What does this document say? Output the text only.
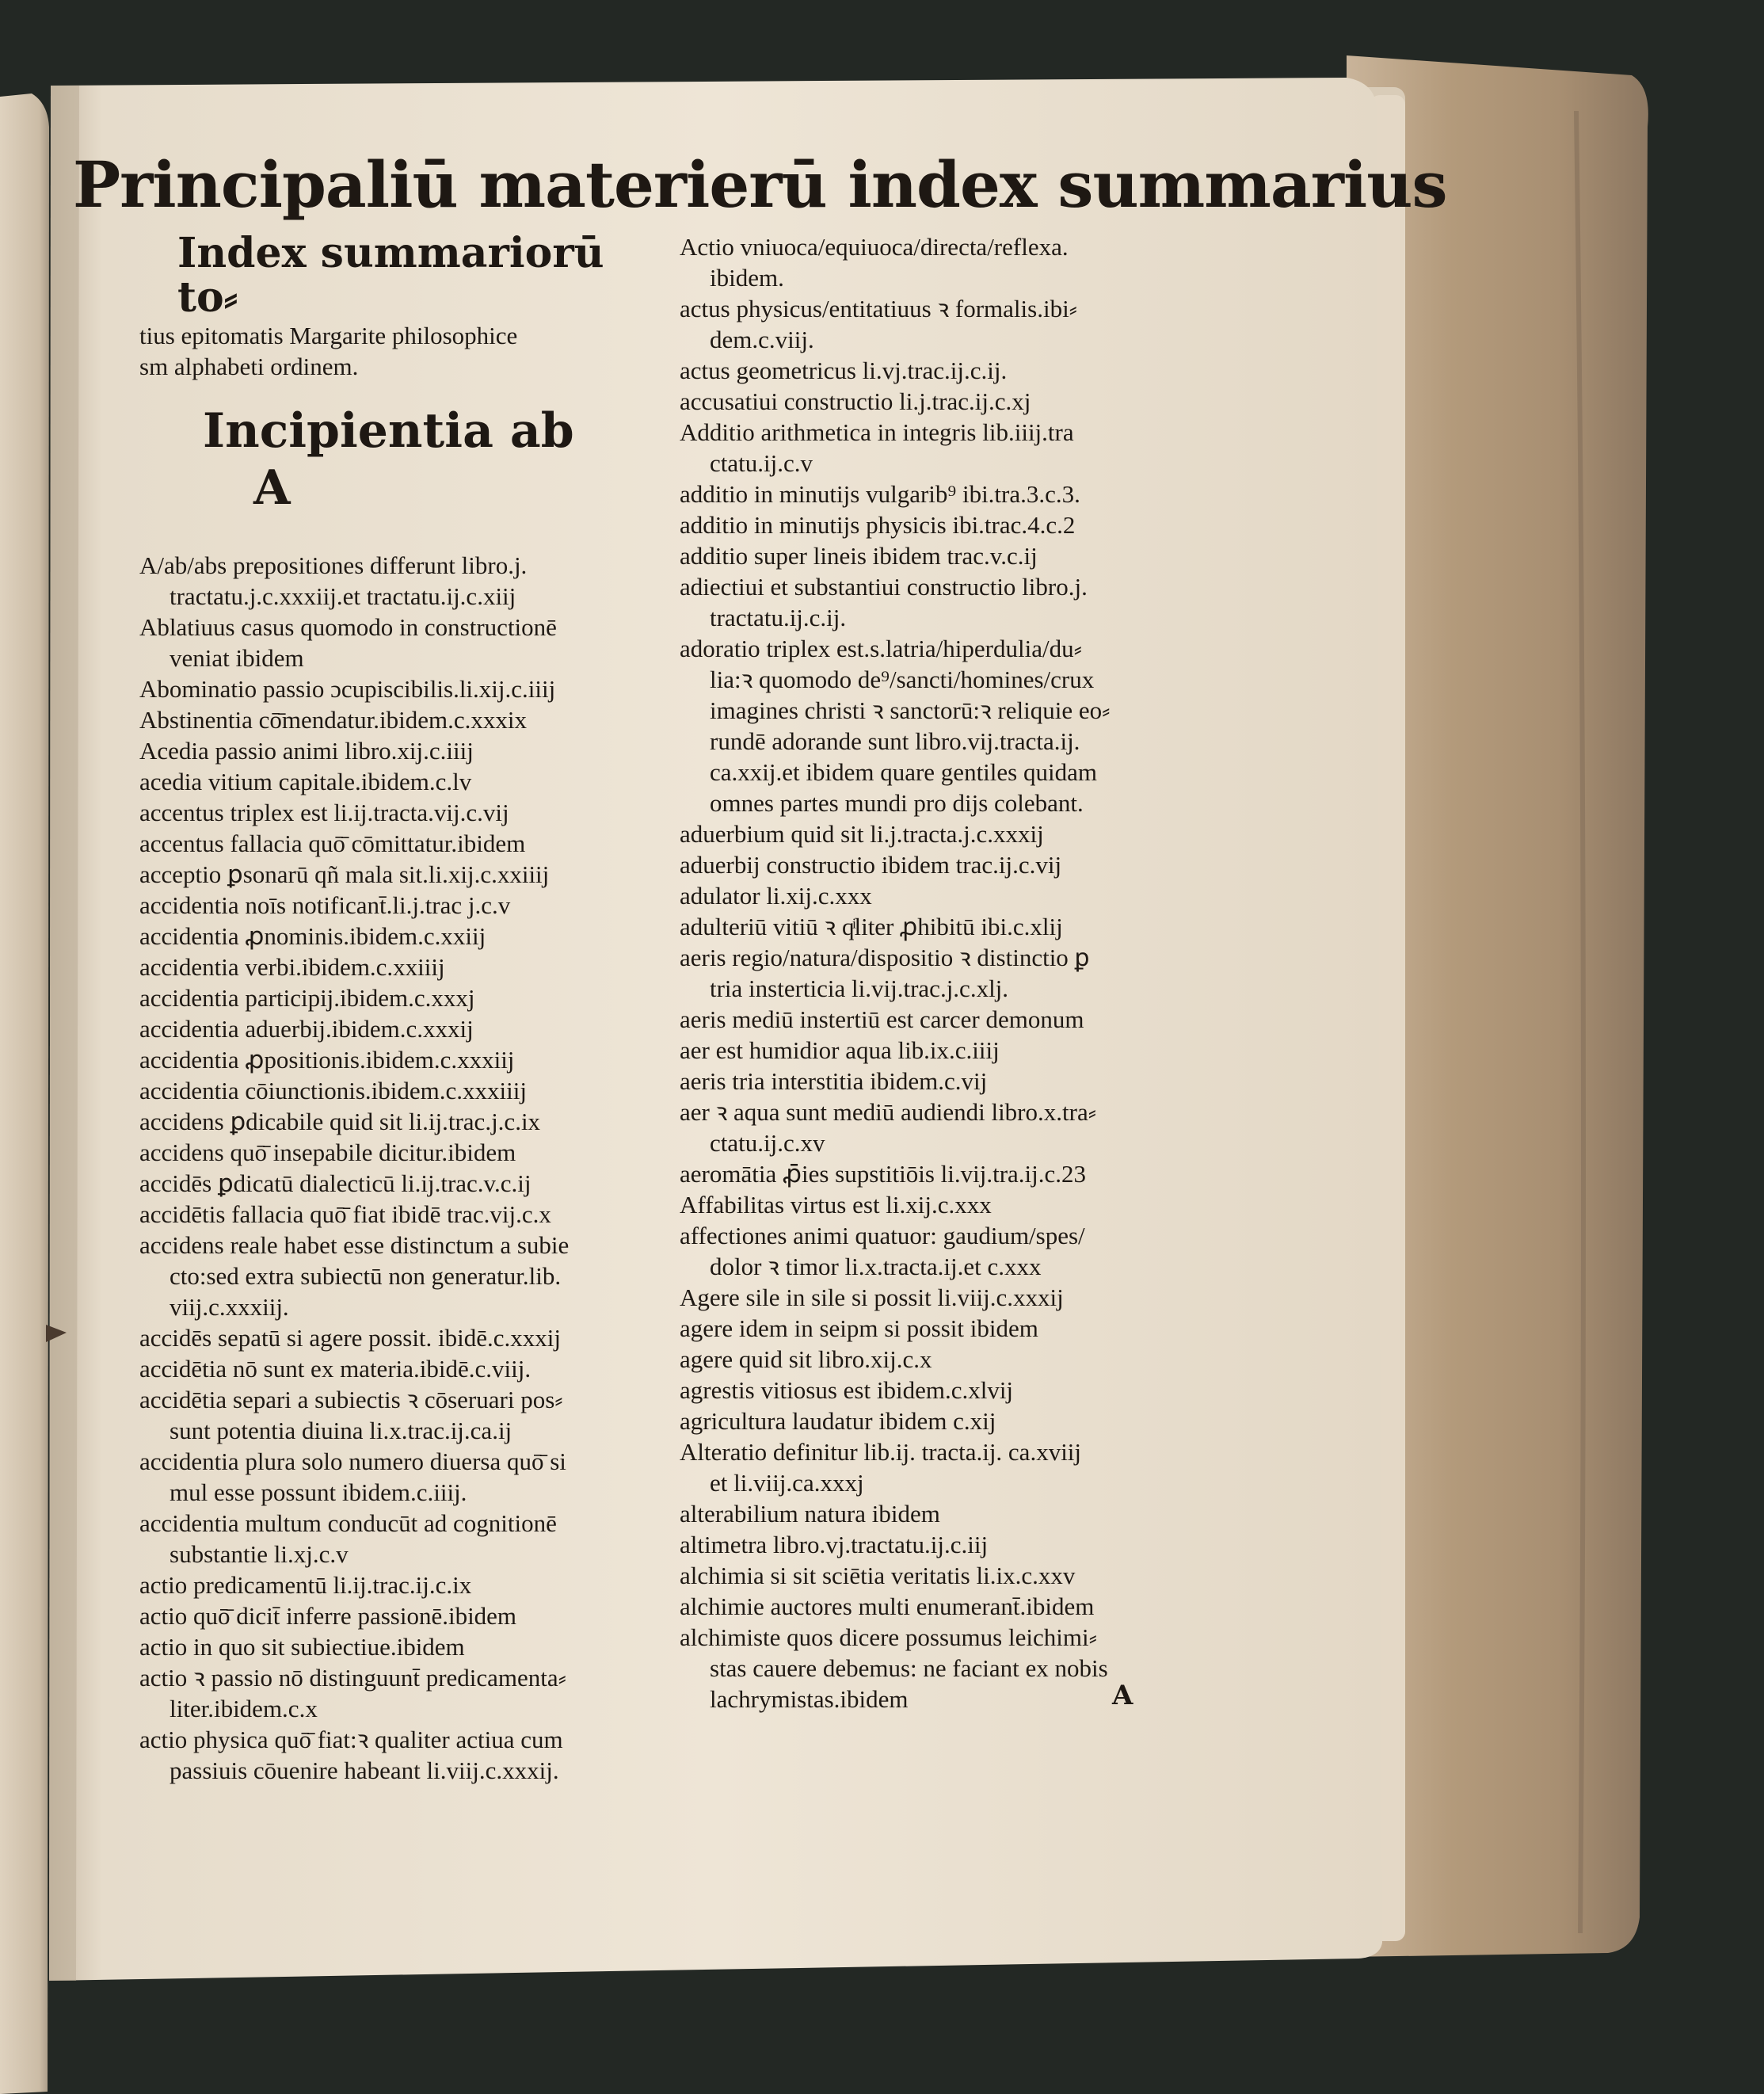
Principaliū materierū index summarius
Index summariorū to⸗
tius epitomatis Margarite philosophice
sm alphabeti ordinem.
Incipientia ab A
A/ab/abs prepositiones differunt libro.j.
tractatu.j.c.xxxiij.et tractatu.ij.c.xiij
Ablatiuus casus quomodo in constructionē
veniat ibidem
Abominatio passio ɔcupiscibilis.li.xij.c.iiij
Abstinentia cō̄mendatur.ibidem.c.xxxix
Acedia passio animi libro.xij.c.iiij
acedia vitium capitale.ibidem.c.lv
accentus triplex est li.ij.tracta.vij.c.vij
accentus fallacia quō̄ cōmittatur.ibidem
acceptio ꝑsonarū qñ mala sit.li.xij.c.xxiiij
accidentia noīs notificant̄.li.j.trac j.c.v
accidentia ꝓnominis.ibidem.c.xxiij
accidentia verbi.ibidem.c.xxiiij
accidentia participij.ibidem.c.xxxj
accidentia aduerbij.ibidem.c.xxxij
accidentia ꝓpositionis.ibidem.c.xxxiij
accidentia cōiunctionis.ibidem.c.xxxiiij
accidens ꝑdicabile quid sit li.ij.trac.j.c.ix
accidens quō̄ insepabile dicitur.ibidem
accidēs ꝑdicatū dialecticū li.ij.trac.v.c.ij
accidētis fallacia quō̄ fiat ibidē trac.vij.c.x
accidens reale habet esse distinctum a subie
cto:sed extra subiectū non generatur.lib.
viij.c.xxxiij.
accidēs sepatū si agere possit. ibidē.c.xxxij
accidētia nō sunt ex materia.ibidē.c.viij.
accidētia separi a subiectis ꝛ cōseruari pos⸗
sunt potentia diuina li.x.trac.ij.ca.ij
accidentia plura solo numero diuersa quō̄ si
mul esse possunt ibidem.c.iiij.
accidentia multum conducūt ad cognitionē
substantie li.xj.c.v
actio predicamentū li.ij.trac.ij.c.ix
actio quō̄ dicit̄ inferre passionē.ibidem
actio in quo sit subiectiue.ibidem
actio ꝛ passio nō distinguunt̄ predicamenta⸗
liter.ibidem.c.x
actio physica quō̄ fiat:ꝛ qualiter actiua cum
passiuis cōuenire habeant li.viij.c.xxxij.
Actio vniuoca/equiuoca/directa/reflexa.
ibidem.
actus physicus/entitatiuus ꝛ formalis.ibi⸗
dem.c.viij.
actus geometricus li.vj.trac.ij.c.ij.
accusatiui constructio li.j.trac.ij.c.xj
Additio arithmetica in integris lib.iiij.tra
ctatu.ij.c.v
additio in minutijs vulgarib⁹ ibi.tra.3.c.3.
additio in minutijs physicis ibi.trac.4.c.2
additio super lineis ibidem trac.v.c.ij
adiectiui et substantiui constructio libro.j.
tractatu.ij.c.ij.
adoratio triplex est.s.latria/hiperdulia/du⸗
lia:ꝛ quomodo de⁹/sancti/homines/crux
imagines christi ꝛ sanctorū:ꝛ reliquie eo⸗
rundē adorande sunt libro.vij.tracta.ij.
ca.xxij.et ibidem quare gentiles quidam
omnes partes mundi pro dijs colebant.
aduerbium quid sit li.j.tracta.j.c.xxxij
aduerbij constructio ibidem trac.ij.c.vij
adulator li.xij.c.xxx
adulteriū vitiū ꝛ qͥliter ꝓhibitū ibi.c.xlij
aeris regio/natura/dispositio ꝛ distinctio ꝑ
tria insterticia li.vij.trac.j.c.xlj.
aeris mediū instertiū est carcer demonum
aer est humidior aqua lib.ix.c.iiij
aeris tria interstitia ibidem.c.vij
aer ꝛ aqua sunt mediū audiendi libro.x.tra⸗
ctatu.ij.c.xv
aeromātia ꝓ̄ies supstitiōis li.vij.tra.ij.c.23
Affabilitas virtus est li.xij.c.xxx
affectiones animi quatuor: gaudium/spes/
dolor ꝛ timor li.x.tracta.ij.et c.xxx
Agere sile in sile si possit li.viij.c.xxxij
agere idem in seipm si possit ibidem
agere quid sit libro.xij.c.x
agrestis vitiosus est ibidem.c.xlvij
agricultura laudatur ibidem c.xij
Alteratio definitur lib.ij. tracta.ij. ca.xviij
et li.viij.ca.xxxj
alterabilium natura ibidem
altimetra libro.vj.tractatu.ij.c.iij
alchimia si sit sciētia veritatis li.ix.c.xxv
alchimie auctores multi enumerant̄.ibidem
alchimiste quos dicere possumus leichimi⸗
stas cauere debemus: ne faciant ex nobis
lachrymistas.ibidem	A
